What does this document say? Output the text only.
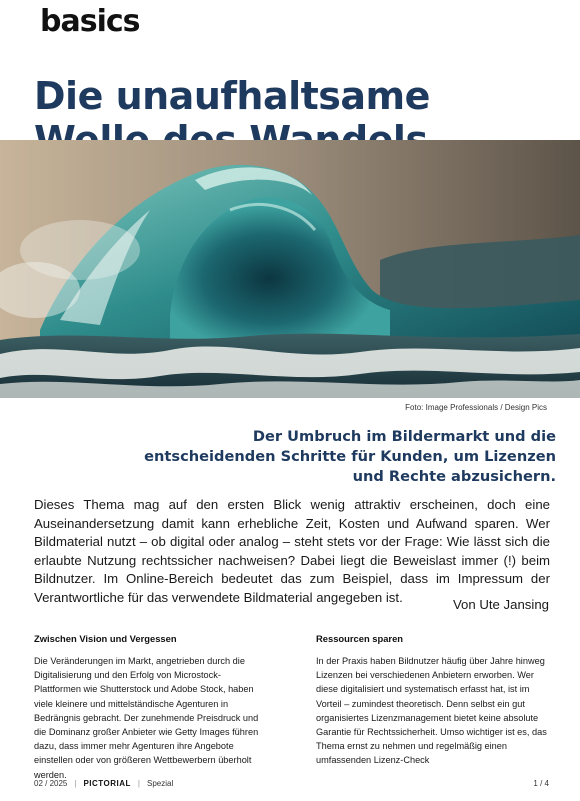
basics
Die unaufhaltsame
Foto: Image Professionals / Design Pics

Der Umbruch im Bildermarkt und die entscheidenden Schritte für Kunden, um Lizenzen und Rechte abzusichern.

Dieses Thema mag auf den ersten Blick wenig attraktiv erscheinen, doch eine Auseinandersetzung damit kann erhebliche Zeit, Kosten und Aufwand sparen. Wer Bildmaterial nutzt – ob digital oder analog – steht stets vor der Frage: Wie lässt sich die erlaubte Nutzung rechtssicher nachweisen? Dabei liegt die Beweislast immer (!) beim Bildnutzer. Im Online-Bereich bedeutet das zum Beispiel, dass im Impressum der Verantwortliche für das verwendete Bildmaterial angegeben ist.	Von Ute Jansing
Zwischen Vision und Vergessen

Die Veränderungen im Markt, angetrieben durch die Digitalisierung und den Erfolg von Microstock-Plattformen wie Shutterstock und Adobe Stock, haben viele kleinere und mittelständische Agenturen in Bedrängnis gebracht. Der zunehmende Preisdruck und die Dominanz großer Anbieter wie Getty Images führen dazu, dass immer mehr Agenturen ihre Angebote einstellen oder von größeren Wettbewerbern überholt werden.

Ressourcen sparen

In der Praxis haben Bildnutzer häufig über Jahre hinweg Lizenzen bei verschiedenen Anbietern erworben. Wer diese digitalisiert und systematisch erfasst hat, ist im Vorteil – zumindest theoretisch. Denn selbst ein gut organisiertes Lizenzmanagement bietet keine absolute Garantie für Rechtssicherheit. Umso wichtiger ist es, das Thema ernst zu nehmen und regelmäßig einen umfassenden Lizenz-Check

02 / 2025 | PICTORIAL | Spezial	1 / 4
